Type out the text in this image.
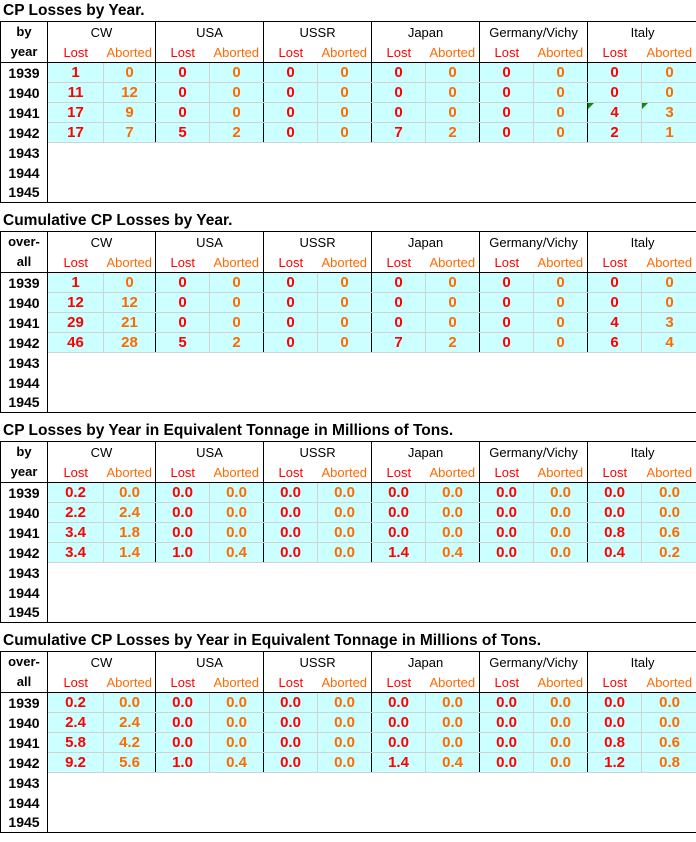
CP Losses by Year.
by
year	CW		USA		USSR		Japan		Germany/Vichy		Italy	
	Lost	Aborted	Lost	Aborted	Lost	Aborted	Lost	Aborted	Lost	Aborted	Lost	Aborted
1939	1	0	0	0	0	0	0	0	0	0	0	0
1940	11	12	0	0	0	0	0	0	0	0	0	0
1941	17	9	0	0	0	0	0	0	0	0	4	3
1942	17	7	5	2	0	0	7	2	0	0	2	1
1943												
1944												
1945												
Cumulative CP Losses by Year.
over-
all	CW		USA		USSR		Japan		Germany/Vichy		Italy	
	Lost	Aborted	Lost	Aborted	Lost	Aborted	Lost	Aborted	Lost	Aborted	Lost	Aborted
1939	1	0	0	0	0	0	0	0	0	0	0	0
1940	12	12	0	0	0	0	0	0	0	0	0	0
1941	29	21	0	0	0	0	0	0	0	0	4	3
1942	46	28	5	2	0	0	7	2	0	0	6	4
1943												
1944												
1945												
CP Losses by Year in Equivalent Tonnage in Millions of Tons.
by
year	CW		USA		USSR		Japan		Germany/Vichy		Italy	
	Lost	Aborted	Lost	Aborted	Lost	Aborted	Lost	Aborted	Lost	Aborted	Lost	Aborted
1939	0.2	0.0	0.0	0.0	0.0	0.0	0.0	0.0	0.0	0.0	0.0	0.0
1940	2.2	2.4	0.0	0.0	0.0	0.0	0.0	0.0	0.0	0.0	0.0	0.0
1941	3.4	1.8	0.0	0.0	0.0	0.0	0.0	0.0	0.0	0.0	0.8	0.6
1942	3.4	1.4	1.0	0.4	0.0	0.0	1.4	0.4	0.0	0.0	0.4	0.2
1943												
1944												
1945												
Cumulative CP Losses by Year in Equivalent Tonnage in Millions of Tons.
over-
all	CW		USA		USSR		Japan		Germany/Vichy		Italy	
	Lost	Aborted	Lost	Aborted	Lost	Aborted	Lost	Aborted	Lost	Aborted	Lost	Aborted
1939	0.2	0.0	0.0	0.0	0.0	0.0	0.0	0.0	0.0	0.0	0.0	0.0
1940	2.4	2.4	0.0	0.0	0.0	0.0	0.0	0.0	0.0	0.0	0.0	0.0
1941	5.8	4.2	0.0	0.0	0.0	0.0	0.0	0.0	0.0	0.0	0.8	0.6
1942	9.2	5.6	1.0	0.4	0.0	0.0	1.4	0.4	0.0	0.0	1.2	0.8
1943												
1944												
1945												
